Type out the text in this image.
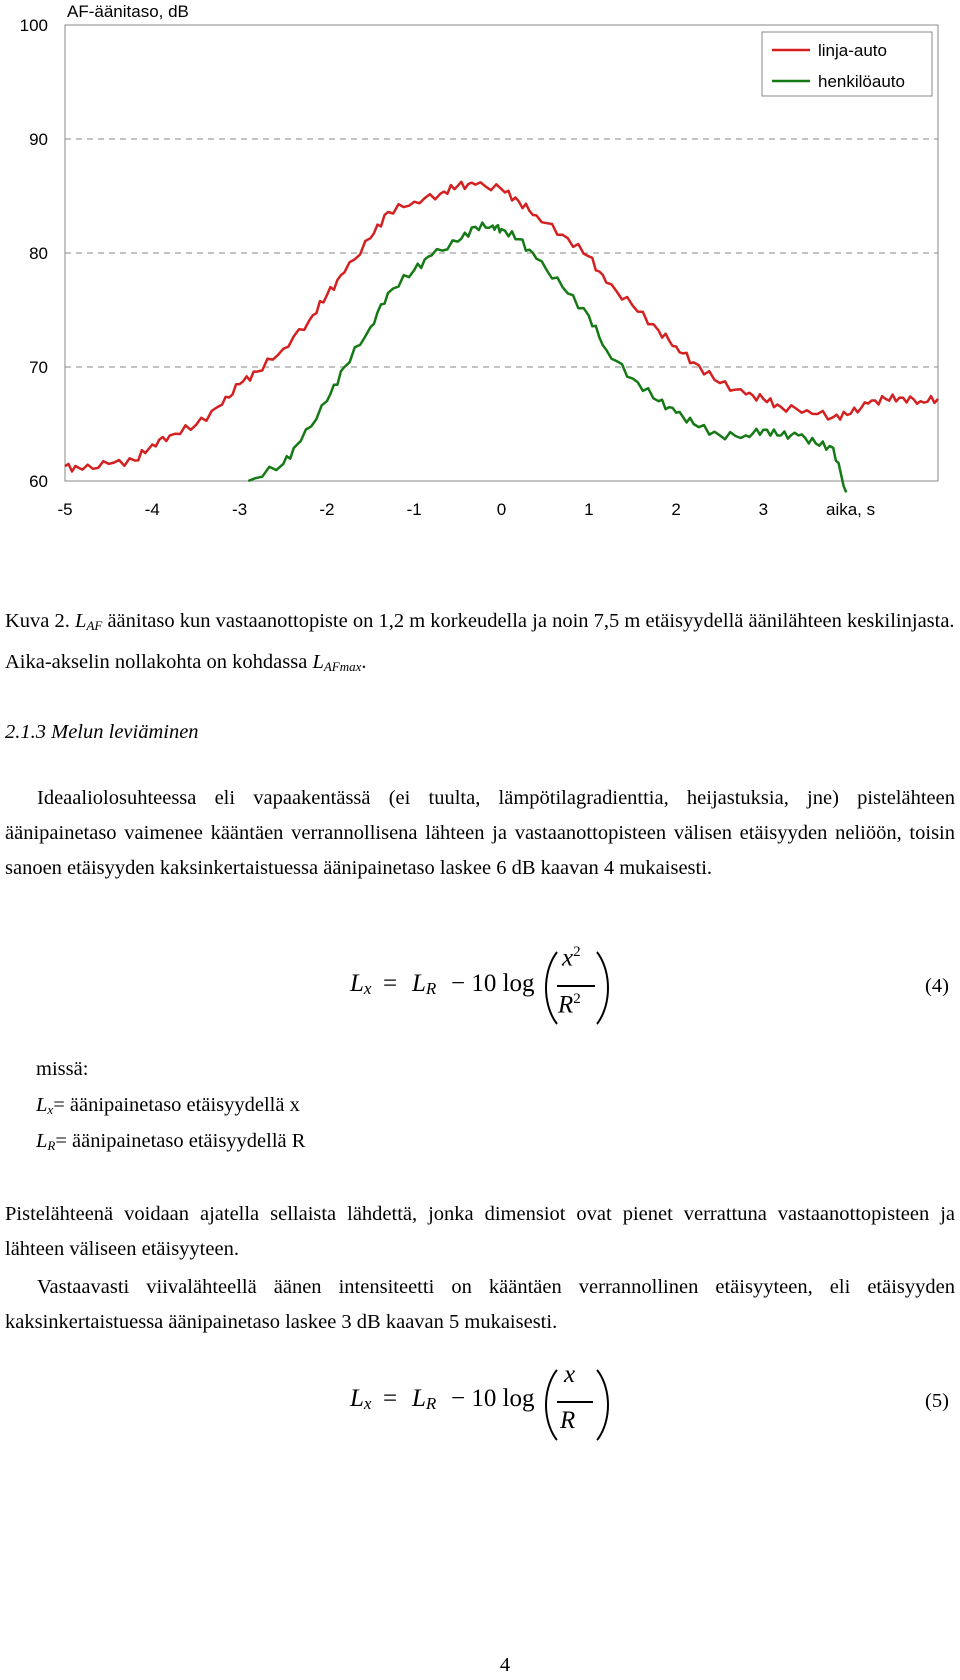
100
90
80
70
60
-5	-4	-3	-2	-1	0	1	2	3
AF-äänitaso, dB
aika, s
linja-auto
henkilöauto
Kuva 2. $L_{AF}$ äänitaso kun vastaanottopiste on 1,2 m korkeudella ja noin 7,5 m etäisyydellä äänilähteen keskilinjasta. Aika-akselin nollakohta on kohdassa $L_{AFmax}$.
2.1.3 Melun leviäminen
Ideaaliolosuhteessa eli vapaakentässä (ei tuulta, lämpötilagradienttia, heijastuksia, jne) pistelähteen äänipainetaso vaimenee kääntäen verrannollisena lähteen ja vastaanottopisteen välisen etäisyyden neliöön, toisin sanoen etäisyyden kaksinkertaistuessa äänipainetaso laskee 6 dB kaavan 4 mukaisesti.
$L_x = L_R - 10$ log
$x^2$
$R^2$
(4)
missä:
$L_x=$ äänipainetaso etäisyydellä x
$L_R=$ äänipainetaso etäisyydellä R
Pistelähteenä voidaan ajatella sellaista lähdettä, jonka dimensiot ovat pienet verrattuna vastaanottopisteen ja lähteen väliseen etäisyyteen.
Vastaavasti viivalähteellä äänen intensiteetti on kääntäen verrannollinen etäisyyteen, eli etäisyyden kaksinkertaistuessa äänipainetaso laskee 3 dB kaavan 5 mukaisesti.
$L_x = L_R - 10$ log
x
R
(5)
4
